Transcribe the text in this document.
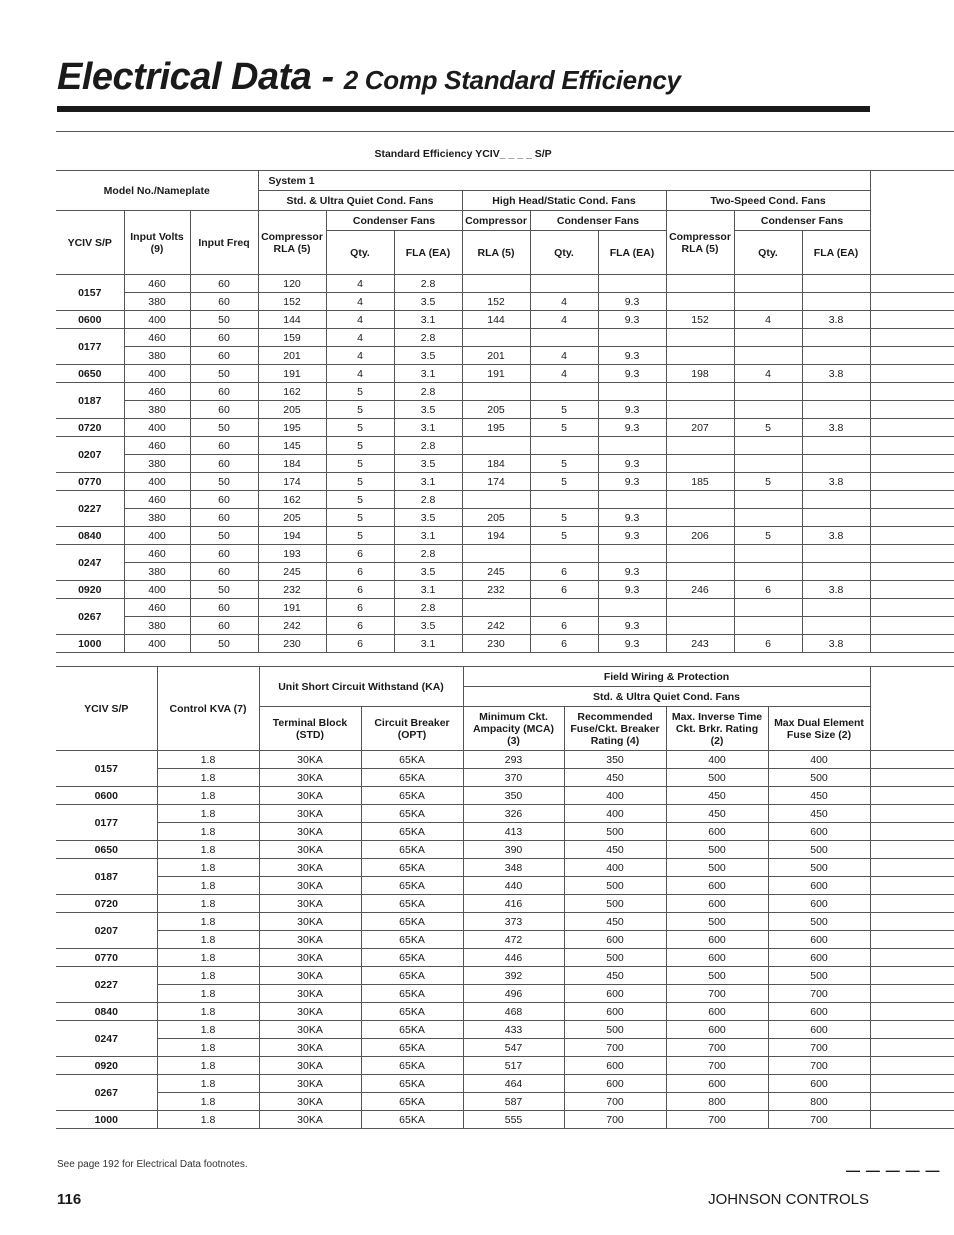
Electrical Data - 2 Comp Standard Efficiency
Standard Efficiency YCIV_ _ _ _ S/P												
Model No./Nameplate			System 1									
			Std. & Ultra Quiet Cond. Fans			High Head/Static Cond. Fans			Two-Speed Cond. Fans			
YCIV S/P	Input Volts (9)	Input Freq	Compressor RLA (5)	Condenser Fans		Compressor	Condenser Fans		Compressor RLA (5)	Condenser Fans		
				Qty.	FLA (EA)	RLA (5)	Qty.	FLA (EA)		Qty.	FLA (EA)	
0157	460	60	120	4	2.8							
	380	60	152	4	3.5	152	4	9.3				
0600	400	50	144	4	3.1	144	4	9.3	152	4	3.8	
0177	460	60	159	4	2.8							
	380	60	201	4	3.5	201	4	9.3				
0650	400	50	191	4	3.1	191	4	9.3	198	4	3.8	
0187	460	60	162	5	2.8							
	380	60	205	5	3.5	205	5	9.3				
0720	400	50	195	5	3.1	195	5	9.3	207	5	3.8	
0207	460	60	145	5	2.8							
	380	60	184	5	3.5	184	5	9.3				
0770	400	50	174	5	3.1	174	5	9.3	185	5	3.8	
0227	460	60	162	5	2.8							
	380	60	205	5	3.5	205	5	9.3				
0840	400	50	194	5	3.1	194	5	9.3	206	5	3.8	
0247	460	60	193	6	2.8							
	380	60	245	6	3.5	245	6	9.3				
0920	400	50	232	6	3.1	232	6	9.3	246	6	3.8	
0267	460	60	191	6	2.8							
	380	60	242	6	3.5	242	6	9.3				
1000	400	50	230	6	3.1	230	6	9.3	243	6	3.8	
YCIV S/P	Control KVA (7)	Unit Short Circuit Withstand (KA)		Field Wiring & Protection				
				Std. & Ultra Quiet Cond. Fans				
		Terminal Block (STD)	Circuit Breaker (OPT)	Minimum Ckt. Ampacity (MCA) (3)	Recommended Fuse/Ckt. Breaker Rating (4)	Max. Inverse Time Ckt. Brkr. Rating (2)	Max Dual Element Fuse Size (2)	
0157	1.8	30KA	65KA	293	350	400	400	
	1.8	30KA	65KA	370	450	500	500	
0600	1.8	30KA	65KA	350	400	450	450	
0177	1.8	30KA	65KA	326	400	450	450	
	1.8	30KA	65KA	413	500	600	600	
0650	1.8	30KA	65KA	390	450	500	500	
0187	1.8	30KA	65KA	348	400	500	500	
	1.8	30KA	65KA	440	500	600	600	
0720	1.8	30KA	65KA	416	500	600	600	
0207	1.8	30KA	65KA	373	450	500	500	
	1.8	30KA	65KA	472	600	600	600	
0770	1.8	30KA	65KA	446	500	600	600	
0227	1.8	30KA	65KA	392	450	500	500	
	1.8	30KA	65KA	496	600	700	700	
0840	1.8	30KA	65KA	468	600	600	600	
0247	1.8	30KA	65KA	433	500	600	600	
	1.8	30KA	65KA	547	700	700	700	
0920	1.8	30KA	65KA	517	600	700	700	
0267	1.8	30KA	65KA	464	600	600	600	
	1.8	30KA	65KA	587	700	800	800	
1000	1.8	30KA	65KA	555	700	700	700	
See page 192 for Electrical Data footnotes.	— — — — —
116	JOHNSON CONTROLS
